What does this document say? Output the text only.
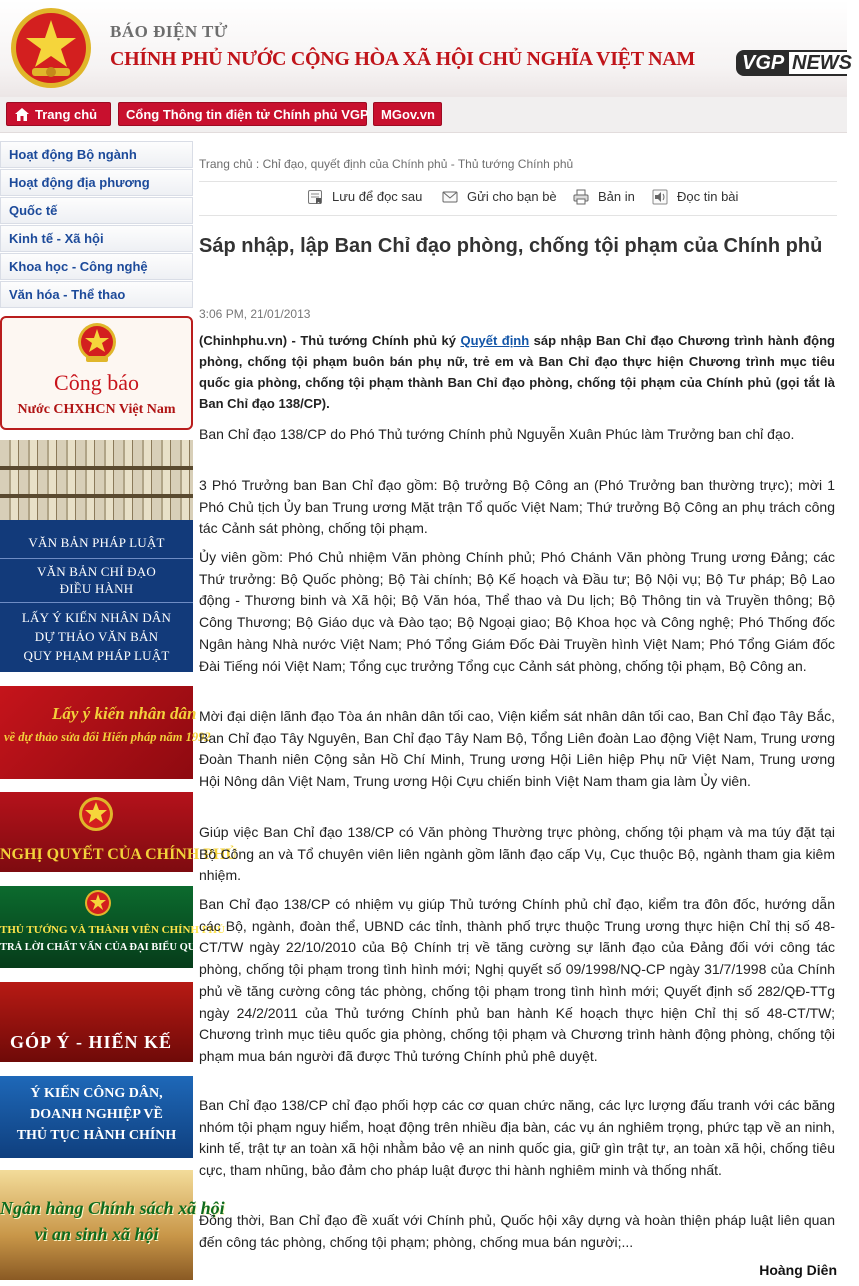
BÁO ĐIỆN TỬ
CHÍNH PHỦ NƯỚC CỘNG HÒA XÃ HỘI CHỦ NGHĨA VIỆT NAM VGP NEWS
Trang chủ	Cổng Thông tin điện tử Chính phủ VGP MGov.vn
Hoạt động Bộ ngành
Hoạt động địa phương
Quốc tế
Kinh tế - Xã hội
Khoa học - Công nghệ
Văn hóa - Thể thao
Công báo
Nước CHXHCN Việt Nam
VĂN BẢN PHÁP LUẬT
VĂN BẢN CHỈ ĐẠO
ĐIỀU HÀNH
LẤY Ý KIẾN NHÂN DÂN
DỰ THẢO VĂN BẢN
QUY PHẠM PHÁP LUẬT
Lấy ý kiến nhân dân
về dự thảo sửa đổi Hiến pháp năm 1992
NGHỊ QUYẾT CỦA CHÍNH PHỦ
THỦ TƯỚNG VÀ THÀNH VIÊN CHÍNH PHỦ
TRẢ LỜI CHẤT VẤN CỦA ĐẠI BIỂU QUỐC HỘI
GÓP Ý - HIẾN KẾ
Ý KIẾN CÔNG DÂN,
DOANH NGHIỆP VỀ
THỦ TỤC HÀNH CHÍNH
Ngân hàng Chính sách xã hội
vì an sinh xã hội
Trang chủ : Chỉ đạo, quyết định của Chính phủ - Thủ tướng Chính phủ
Lưu để đọc sau	Gửi cho bạn bè	Bản in	Đọc tin bài
Sáp nhập, lập Ban Chỉ đạo phòng, chống tội phạm của Chính phủ
3:06 PM, 21/01/2013

(Chinhphu.vn) - Thủ tướng Chính phủ ký Quyết định sáp nhập Ban Chỉ đạo Chương trình hành động phòng, chống tội phạm buôn bán phụ nữ, trẻ em và Ban Chỉ đạo thực hiện Chương trình mục tiêu quốc gia phòng, chống tội phạm thành Ban Chỉ đạo phòng, chống tội phạm của Chính phủ (gọi tắt là Ban Chỉ đạo 138/CP).

Ban Chỉ đạo 138/CP do Phó Thủ tướng Chính phủ Nguyễn Xuân Phúc làm Trưởng ban chỉ đạo.

3 Phó Trưởng ban Ban Chỉ đạo gồm: Bộ trưởng Bộ Công an (Phó Trưởng ban thường trực); mời 1 Phó Chủ tịch Ủy ban Trung ương Mặt trận Tổ quốc Việt Nam; Thứ trưởng Bộ Công an phụ trách công tác Cảnh sát phòng, chống tội phạm.

Ủy viên gồm: Phó Chủ nhiệm Văn phòng Chính phủ; Phó Chánh Văn phòng Trung ương Đảng; các Thứ trưởng: Bộ Quốc phòng; Bộ Tài chính; Bộ Kế hoạch và Đầu tư; Bộ Nội vụ; Bộ Tư pháp; Bộ Lao động - Thương binh và Xã hội; Bộ Văn hóa, Thể thao và Du lịch; Bộ Thông tin và Truyền thông; Bộ Công Thương; Bộ Giáo dục và Đào tạo; Bộ Ngoại giao; Bộ Khoa học và Công nghệ; Phó Thống đốc Ngân hàng Nhà nước Việt Nam; Phó Tổng Giám Đốc Đài Truyền hình Việt Nam; Phó Tổng Giám đốc Đài Tiếng nói Việt Nam; Tổng cục trưởng Tổng cục Cảnh sát phòng, chống tội phạm, Bộ Công an.

Mời đại diện lãnh đạo Tòa án nhân dân tối cao, Viện kiểm sát nhân dân tối cao, Ban Chỉ đạo Tây Bắc, Ban Chỉ đạo Tây Nguyên, Ban Chỉ đạo Tây Nam Bộ, Tổng Liên đoàn Lao động Việt Nam, Trung ương Đoàn Thanh niên Cộng sản Hồ Chí Minh, Trung ương Hội Liên hiệp Phụ nữ Việt Nam, Trung ương Hội Nông dân Việt Nam, Trung ương Hội Cựu chiến binh Việt Nam tham gia làm Ủy viên.

Giúp việc Ban Chỉ đạo 138/CP có Văn phòng Thường trực phòng, chống tội phạm và ma túy đặt tại Bộ Công an và Tổ chuyên viên liên ngành gồm lãnh đạo cấp Vụ, Cục thuộc Bộ, ngành tham gia kiêm nhiệm.

Ban Chỉ đạo 138/CP có nhiệm vụ giúp Thủ tướng Chính phủ chỉ đạo, kiểm tra đôn đốc, hướng dẫn các Bộ, ngành, đoàn thể, UBND các tỉnh, thành phố trực thuộc Trung ương thực hiện Chỉ thị số 48-CT/TW ngày 22/10/2010 của Bộ Chính trị về tăng cường sự lãnh đạo của Đảng đối với công tác phòng, chống tội phạm trong tình hình mới; Nghị quyết số 09/1998/NQ-CP ngày 31/7/1998 của Chính phủ về tăng cường công tác phòng, chống tội phạm trong tình hình mới; Quyết định số 282/QĐ-TTg ngày 24/2/2011 của Thủ tướng Chính phủ ban hành Kế hoạch thực hiện Chỉ thị số 48-CT/TW; Chương trình mục tiêu quốc gia phòng, chống tội phạm và Chương trình hành động phòng, chống tội phạm mua bán người đã được Thủ tướng Chính phủ phê duyệt.

Ban Chỉ đạo 138/CP chỉ đạo phối hợp các cơ quan chức năng, các lực lượng đấu tranh với các băng nhóm tội phạm nguy hiểm, hoạt động trên nhiều địa bàn, các vụ án nghiêm trọng, phức tạp về an ninh, kinh tế, trật tự an toàn xã hội nhằm bảo vệ an ninh quốc gia, giữ gìn trật tự, an toàn xã hội, chống tiêu cực, tham nhũng, bảo đảm cho pháp luật được thi hành nghiêm minh và thống nhất.

Đồng thời, Ban Chỉ đạo đề xuất với Chính phủ, Quốc hội xây dựng và hoàn thiện pháp luật liên quan đến công tác phòng, chống tội phạm; phòng, chống mua bán người;...

Hoàng Diên
